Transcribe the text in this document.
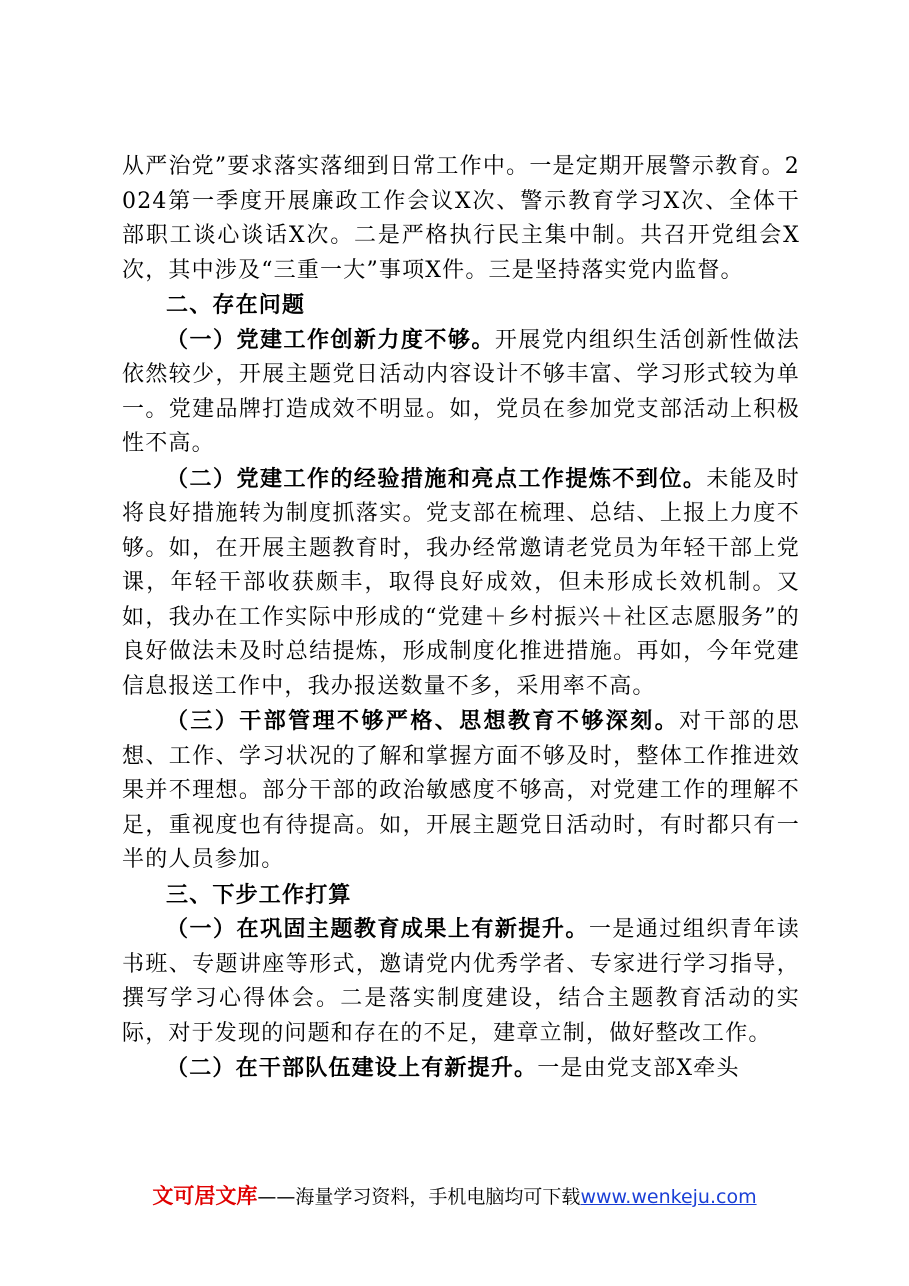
从严治党”要求落实落细到日常工作中。一是定期开展警示教育。2024第一季度开展廉政工作会议X次、警示教育学习X次、全体干部职工谈心谈话X次。二是严格执行民主集中制。共召开党组会X次，其中涉及“三重一大”事项X件。三是坚持落实党内监督。

二、存在问题

（一）党建工作创新力度不够。开展党内组织生活创新性做法依然较少，开展主题党日活动内容设计不够丰富、学习形式较为单一。党建品牌打造成效不明显。如，党员在参加党支部活动上积极性不高。

（二）党建工作的经验措施和亮点工作提炼不到位。未能及时将良好措施转为制度抓落实。党支部在梳理、总结、上报上力度不够。如，在开展主题教育时，我办经常邀请老党员为年轻干部上党课，年轻干部收获颇丰，取得良好成效，但未形成长效机制。又如，我办在工作实际中形成的“党建＋乡村振兴＋社区志愿服务”的良好做法未及时总结提炼，形成制度化推进措施。再如，今年党建信息报送工作中，我办报送数量不多，采用率不高。

（三）干部管理不够严格、思想教育不够深刻。对干部的思想、工作、学习状况的了解和掌握方面不够及时，整体工作推进效果并不理想。部分干部的政治敏感度不够高，对党建工作的理解不足，重视度也有待提高。如，开展主题党日活动时，有时都只有一半的人员参加。

三、下步工作打算

（一）在巩固主题教育成果上有新提升。一是通过组织青年读书班、专题讲座等形式，邀请党内优秀学者、专家进行学习指导，撰写学习心得体会。二是落实制度建设，结合主题教育活动的实际，对于发现的问题和存在的不足，建章立制，做好整改工作。

（二）在干部队伍建设上有新提升。一是由党支部X牵头

文可居文库——海量学习资料，手机电脑均可下载www.wenkeju.com
